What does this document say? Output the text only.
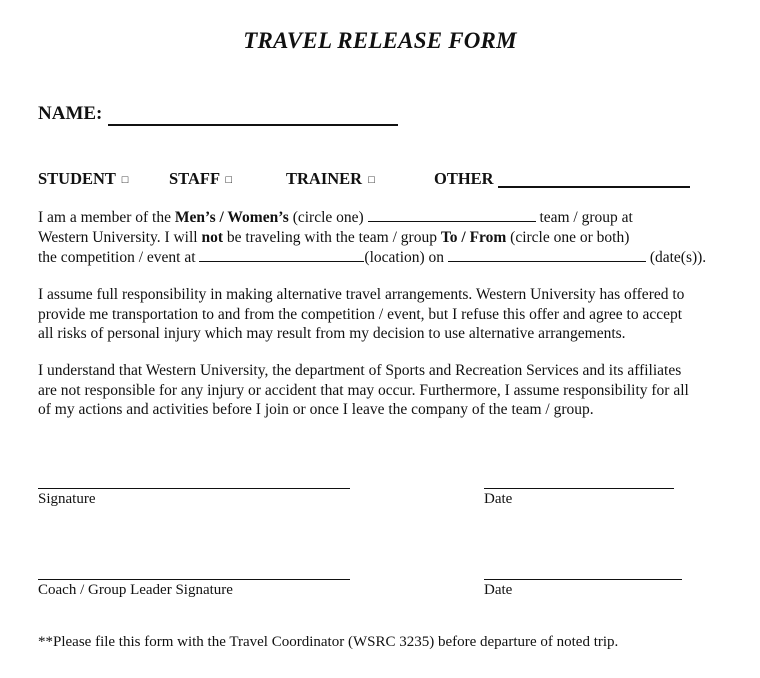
TRAVEL RELEASE FORM
NAME:
STUDENT □ STAFF □	TRAINER □	OTHER
I am a member of the Men’s / Women’s (circle one)	team / group at
Western University. I will not be traveling with the team / group To / From (circle one or both)
the competition / event at	(location) on	(date(s)).
I assume full responsibility in making alternative travel arrangements. Western University has offered to
provide me transportation to and from the competition / event, but I refuse this offer and agree to accept
all risks of personal injury which may result from my decision to use alternative arrangements.
I understand that Western University, the department of Sports and Recreation Services and its affiliates
are not responsible for any injury or accident that may occur. Furthermore, I assume responsibility for all
of my actions and activities before I join or once I leave the company of the team / group.
Signature	Date
Coach / Group Leader Signature	Date
**Please file this form with the Travel Coordinator (WSRC 3235) before departure of noted trip.
